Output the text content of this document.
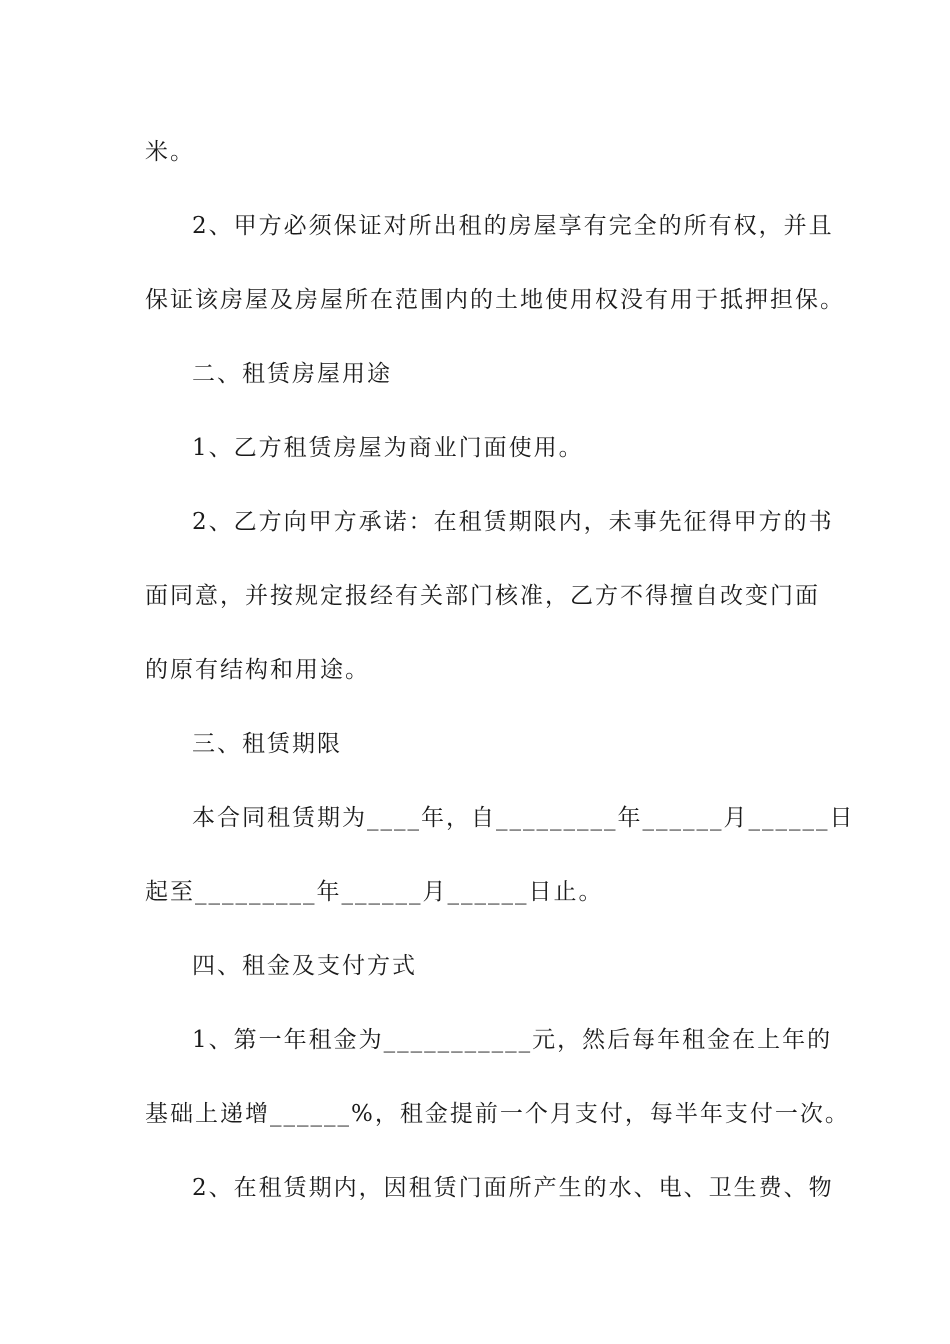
米。
2、甲方必须保证对所出租的房屋享有完全的所有权，并且
保证该房屋及房屋所在范围内的土地使用权没有用于抵押担保。
二、租赁房屋用途
1、乙方租赁房屋为商业门面使用。
2、乙方向甲方承诺：在租赁期限内，未事先征得甲方的书
面同意，并按规定报经有关部门核准，乙方不得擅自改变门面
的原有结构和用途。
三、租赁期限
本合同租赁期为____年，自_________年______月______日
起至_________年______月______日止。
四、租金及支付方式
1、第一年租金为___________元，然后每年租金在上年的
基础上递增______%，租金提前一个月支付，每半年支付一次。
2、在租赁期内，因租赁门面所产生的水、电、卫生费、物
